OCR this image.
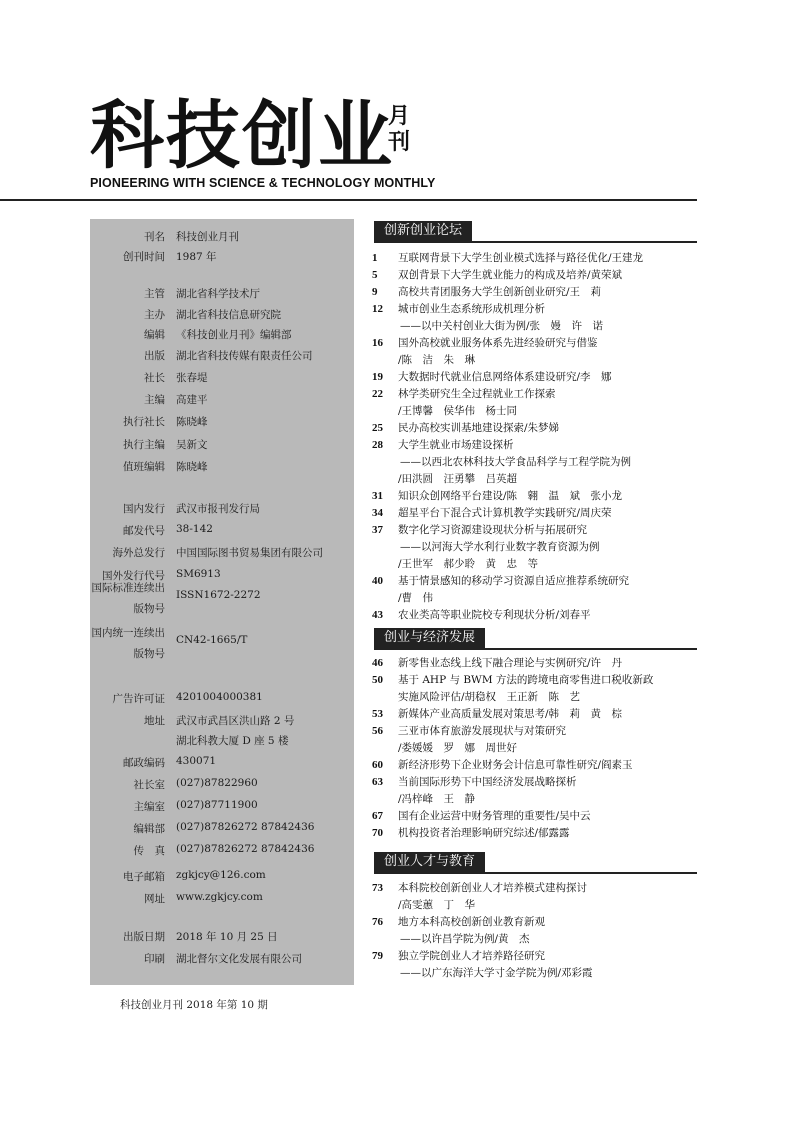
科技创业
月刊
PIONEERING WITH SCIENCE & TECHNOLOGY MONTHLY
刊名 科技创业月刊
创刊时间 1987 年
主管 湖北省科学技术厅
主办 湖北省科技信息研究院
编辑 《科技创业月刊》编辑部
出版 湖北省科技传媒有限责任公司
社长 张春堤
主编 高建平
执行社长 陈晓峰
执行主编 吴新文
值班编辑 陈晓峰
国内发行 武汉市报刊发行局
邮发代号 38-142
海外总发行 中国国际图书贸易集团有限公司
国外发行代号 SM6913
国际标准连续出版物号
ISSN1672-2272
国内统一连续出版物号
CN42-1665/T
广告许可证 4201004000381
地址 武汉市武昌区洪山路 2 号
湖北科教大厦 D 座 5 楼
邮政编码 430071
社长室 (027)87822960
主编室 (027)87711900
编辑部 (027)87826272 87842436
传　真 (027)87826272 87842436
电子邮箱 zgkjcy@126.com
网址 www.zgkjcy.com
出版日期 2018 年 10 月 25 日
印刷 湖北督尔文化发展有限公司
科技创业月刊 2018 年第 10 期
创新创业论坛
1	互联网背景下大学生创业模式选择与路径优化/王建龙
5	双创背景下大学生就业能力的构成及培养/黄荣斌
9	高校共青团服务大学生创新创业研究/王　莉
12	城市创业生态系统形成机理分析
——以中关村创业大街为例/张　嫚　许　诺
16	国外高校就业服务体系先进经验研究与借鉴
/陈　洁　朱　琳
19	大数据时代就业信息网络体系建设研究/李　娜
22	林学类研究生全过程就业工作探索
/王博馨　侯华伟　杨士同
25	民办高校实训基地建设探索/朱梦娣
28	大学生就业市场建设探析
——以西北农林科技大学食品科学与工程学院为例
/田洪圆　汪勇攀　吕英超
31	知识众创网络平台建设/陈　翱　温　斌　张小龙
34	超星平台下混合式计算机教学实践研究/周庆荣
37	数字化学习资源建设现状分析与拓展研究
——以河海大学水利行业数字教育资源为例
/王世军　郝少聆　黄　忠　等
40	基于情景感知的移动学习资源自适应推荐系统研究
/曹　伟
43	农业类高等职业院校专利现状分析/刘春平
创业与经济发展
46	新零售业态线上线下融合理论与实例研究/许　丹
50	基于 AHP 与 BWM 方法的跨境电商零售进口税收新政
实施风险评估/胡稳权　王正新　陈　艺
53	新媒体产业高质量发展对策思考/韩　莉　黄　棕
56	三亚市体育旅游发展现状与对策研究
/娄媛媛　罗　娜　周世好
60	新经济形势下企业财务会计信息可靠性研究/阎素玉
63	当前国际形势下中国经济发展战略探析
/冯梓峰　王　静
67	国有企业运营中财务管理的重要性/吴中云
70	机构投资者治理影响研究综述/郁露露
创业人才与教育
73	本科院校创新创业人才培养模式建构探讨
/高雯蕙　丁　华
76	地方本科高校创新创业教育新观
——以许昌学院为例/黄　杰
79	独立学院创业人才培养路径研究
——以广东海洋大学寸金学院为例/邓彩霞
